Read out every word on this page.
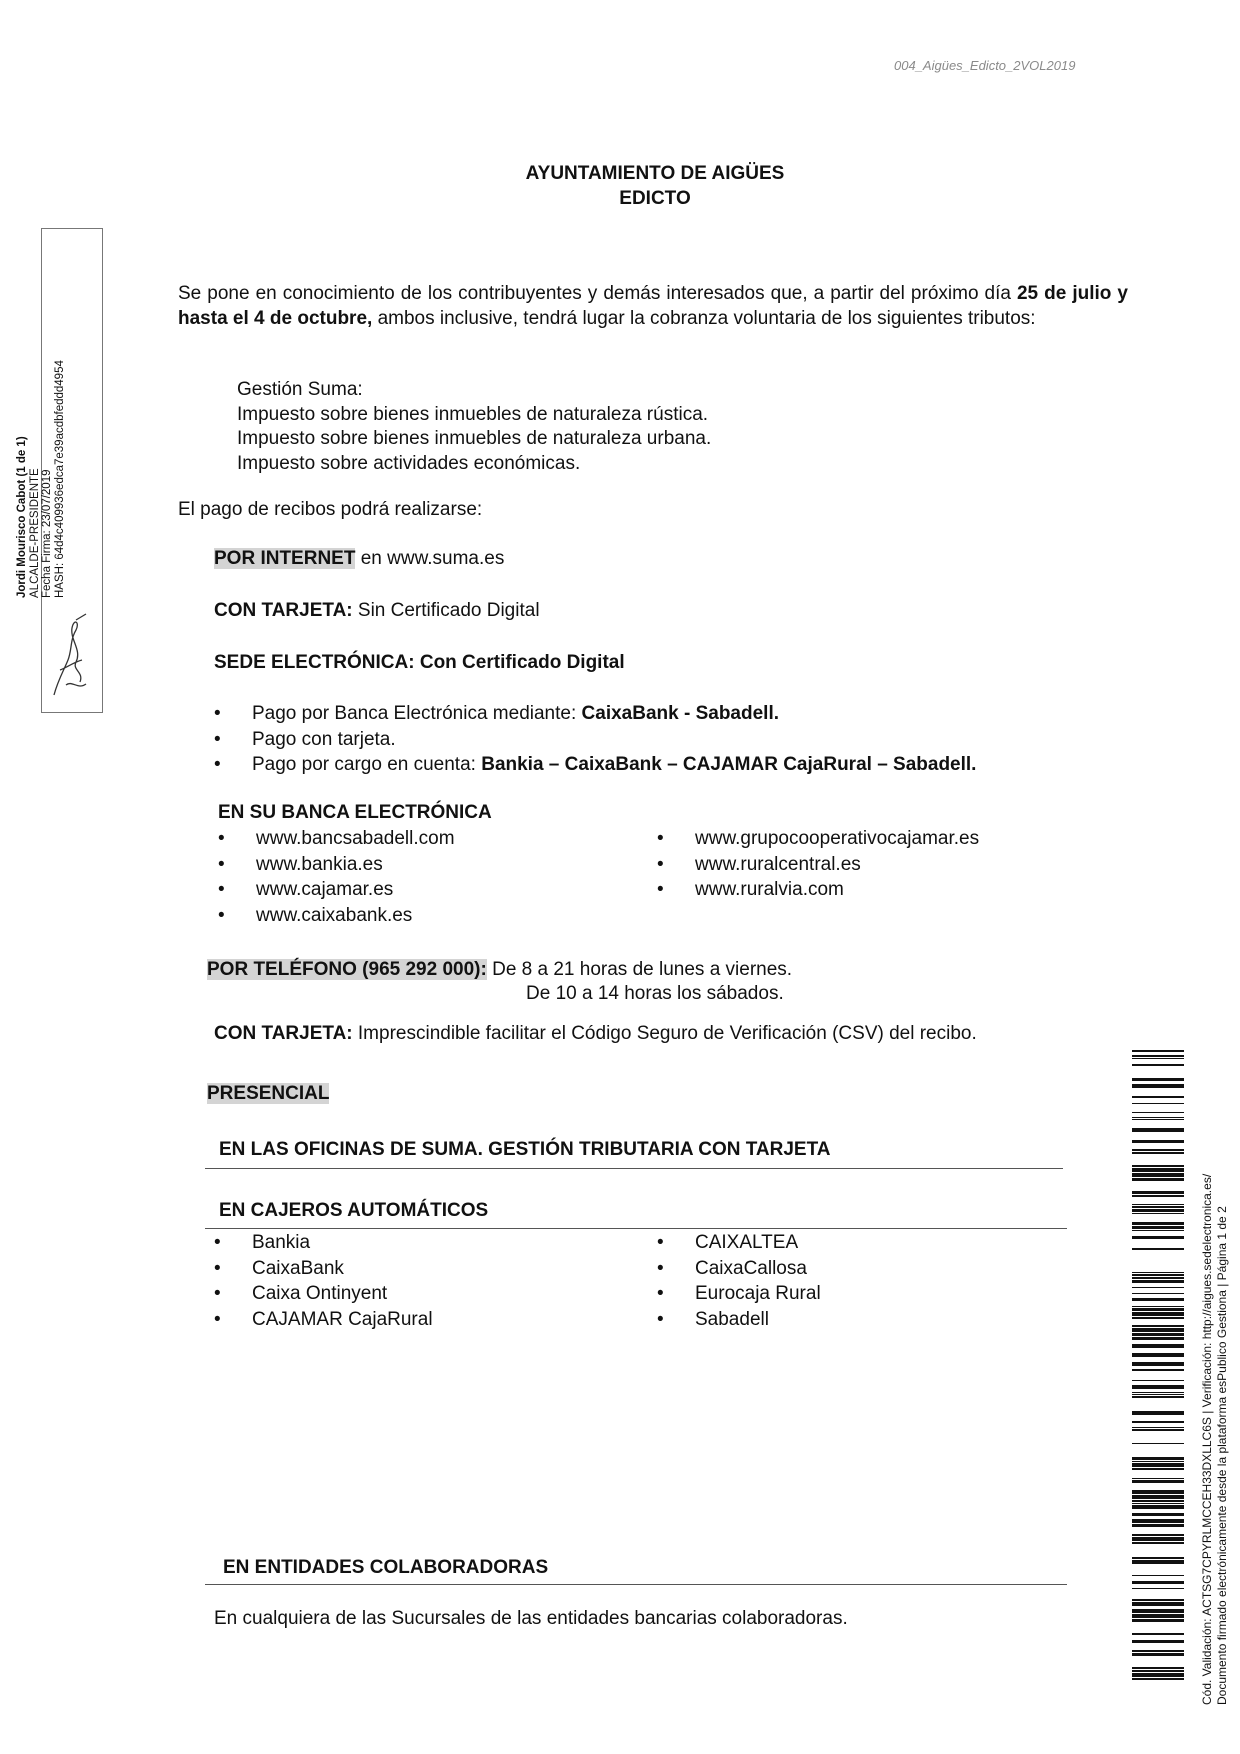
004_Aigües_Edicto_2VOL2019
AYUNTAMIENTO DE AIGÜES
EDICTO
Se pone en conocimiento de los contribuyentes y demás interesados que, a partir del próximo día 25 de julio y hasta el 4 de octubre, ambos inclusive, tendrá lugar la cobranza voluntaria de los siguientes tributos:
Gestión Suma:
Impuesto sobre bienes inmuebles de naturaleza rústica.
Impuesto sobre bienes inmuebles de naturaleza urbana.
Impuesto sobre actividades económicas.
El pago de recibos podrá realizarse:
POR INTERNET en www.suma.es
CON TARJETA: Sin Certificado Digital
SEDE ELECTRÓNICA: Con Certificado Digital
• Pago por Banca Electrónica mediante: CaixaBank - Sabadell.
• Pago con tarjeta.
• Pago por cargo en cuenta: Bankia – CaixaBank – CAJAMAR CajaRural – Sabadell.
EN SU BANCA ELECTRÓNICA
• www.bancsabadell.com
• www.bankia.es
• www.cajamar.es
• www.caixabank.es
• www.grupocooperativocajamar.es
• www.ruralcentral.es
• www.ruralvia.com
POR TELÉFONO (965 292 000): De 8 a 21 horas de lunes a viernes.
De 10 a 14 horas los sábados.
CON TARJETA: Imprescindible facilitar el Código Seguro de Verificación (CSV) del recibo.
PRESENCIAL
EN LAS OFICINAS DE SUMA. GESTIÓN TRIBUTARIA CON TARJETA
EN CAJEROS AUTOMÁTICOS
• Bankia
• CaixaBank
• Caixa Ontinyent
• CAJAMAR CajaRural
• CAIXALTEA
• CaixaCallosa
• Eurocaja Rural
• Sabadell
EN ENTIDADES COLABORADORAS
En cualquiera de las Sucursales de las entidades bancarias colaboradoras.
Jordi Mourisco Cabot (1 de 1) ALCALDE-PRESIDENTE Fecha Firma: 23/07/2019 HASH: 64d4c409936edca7e39acdbfeddd4954
Cód. Validación: ACTSG7CPYRLMCCEH33DXLLC6S | Verificación: http://aigues.sedelectronica.es/ Documento firmado electrónicamente desde la plataforma esPublico Gestiona | Página 1 de 2
